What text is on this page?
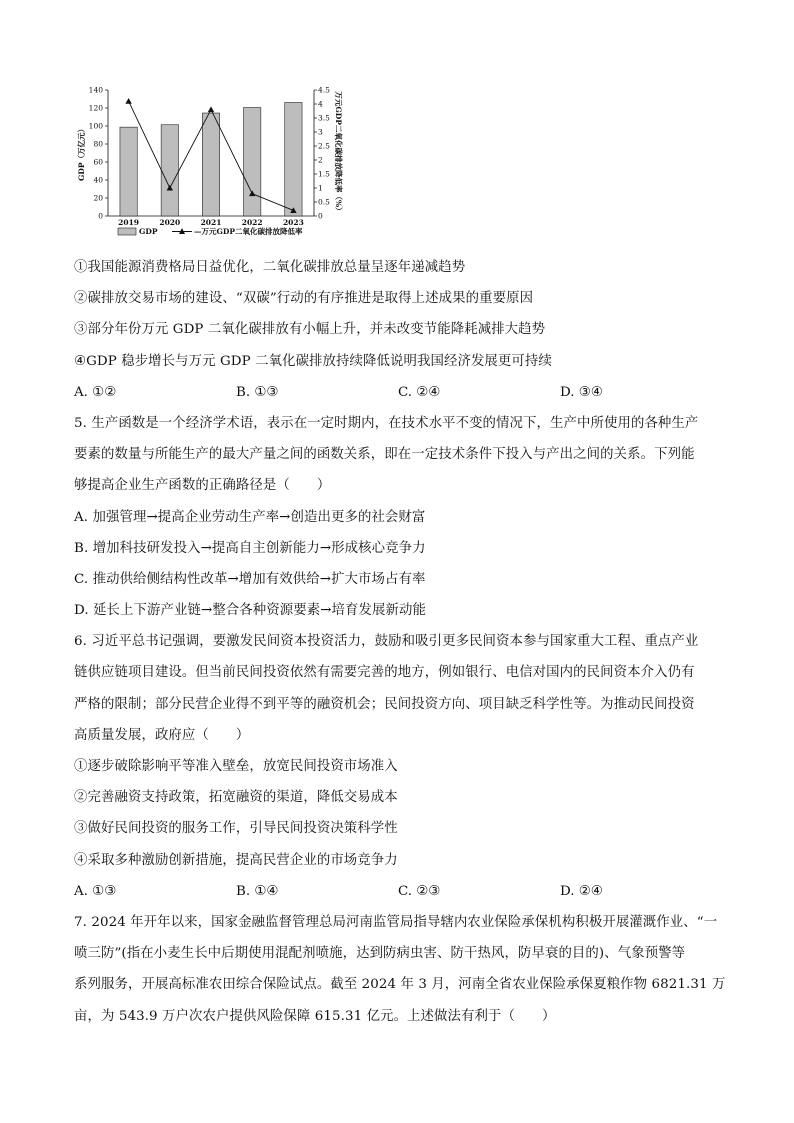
0
20
40
60
80
100
120
140
0
0.5
1
1.5
2
2.5
3
3.5
4
4.5
2019	2020	2021	2022	2023
GDP（万亿元）	万元GDP二氧化碳排放降低率（%）
GDP	—万元GDP二氧化碳排放降低率
①我国能源消费格局日益优化，二氧化碳排放总量呈逐年递减趋势
②碳排放交易市场的建设、“双碳”行动的有序推进是取得上述成果的重要原因
③部分年份万元 GDP 二氧化碳排放有小幅上升，并未改变节能降耗减排大趋势
④GDP 稳步增长与万元 GDP 二氧化碳排放持续降低说明我国经济发展更可持续
A. ①②	B. ①③	C. ②④	D. ③④
5. 生产函数是一个经济学术语，表示在一定时期内，在技术水平不变的情况下，生产中所使用的各种生产
要素的数量与所能生产的最大产量之间的函数关系，即在一定技术条件下投入与产出之间的关系。下列能
够提高企业生产函数的正确路径是（　　）
A. 加强管理→提高企业劳动生产率→创造出更多的社会财富
B. 增加科技研发投入→提高自主创新能力→形成核心竞争力
C. 推动供给侧结构性改革→增加有效供给→扩大市场占有率
D. 延长上下游产业链→整合各种资源要素→培育发展新动能
6. 习近平总书记强调，要激发民间资本投资活力，鼓励和吸引更多民间资本参与国家重大工程、重点产业
链供应链项目建设。但当前民间投资依然有需要完善的地方，例如银行、电信对国内的民间资本介入仍有
严格的限制；部分民营企业得不到平等的融资机会；民间投资方向、项目缺乏科学性等。为推动民间投资
高质量发展，政府应（　　）
①逐步破除影响平等准入壁垒，放宽民间投资市场准入
②完善融资支持政策，拓宽融资的渠道，降低交易成本
③做好民间投资的服务工作，引导民间投资决策科学性
④采取多种激励创新措施，提高民营企业的市场竞争力
A. ①③	B. ①④	C. ②③	D. ②④
7. 2024 年开年以来，国家金融监督管理总局河南监管局指导辖内农业保险承保机构积极开展灌溉作业、“一
喷三防”(指在小麦生长中后期使用混配剂喷施，达到防病虫害、防干热风，防早衰的目的)、气象预警等
系列服务，开展高标准农田综合保险试点。截至 2024 年 3 月，河南全省农业保险承保夏粮作物 6821.31 万
亩，为 543.9 万户次农户提供风险保障 615.31 亿元。上述做法有利于（　　）
